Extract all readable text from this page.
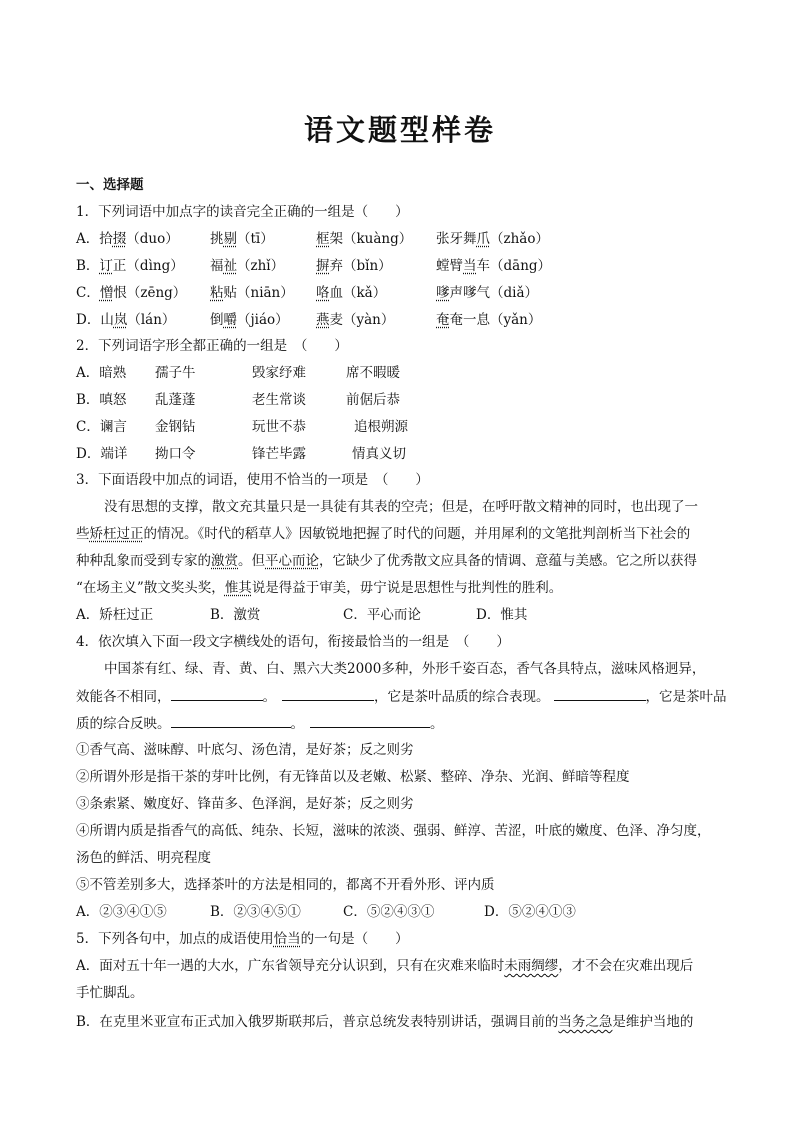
语文题型样卷
一、选择题
1．下列词语中加点字的读音完全正确的一组是（　　）
A．拾掇（duo） 挑剔（tī）	框架（kuàng） 张牙舞爪（zhǎo）
B．订正（dìng） 福祉（zhǐ） 摒弃（bǐn）	螳臂当车（dāng）
C．憎恨（zēng） 粘贴（niān） 咯血（kǎ）	嗲声嗲气（diǎ）
D．山岚（lán）	倒嚼（jiáo） 燕麦（yàn）	奄奄一息（yǎn）
2．下列词语字形全都正确的一组是　（　　）
A．暗熟 孺子牛	毁家纾难	席不暇暖
B．嗔怒 乱蓬蓬	老生常谈	前倨后恭
C．谰言 金钢钻	玩世不恭	追根朔源
D．端详 拗口令	锋芒毕露	情真义切
3．下面语段中加点的词语，使用不恰当的一项是　（　　）
没有思想的支撑，散文充其量只是一具徒有其表的空壳；但是，在呼吁散文精神的同时，也出现了一
些矫枉过正的情况。《时代的稻草人》因敏锐地把握了时代的问题，并用犀利的文笔批判剖析当下社会的
种种乱象而受到专家的激赏。但平心而论，它缺少了优秀散文应具备的情调、意蕴与美感。它之所以获得
“在场主义”散文奖头奖，惟其说是得益于审美，毋宁说是思想性与批判性的胜利。
A．矫枉过正	B．激赏	C．平心而论	D．惟其
4．依次填入下面一段文字横线处的语句，衔接最恰当的一组是　（　　）
中国茶有红、绿、青、黄、白、黑六大类2000多种，外形千姿百态，香气各具特点，滋味风格迥异，
效能各不相同，	。	，它是茶叶品质的综合表现。	，它是茶叶品
质的综合反映。	。	。
①香气高、滋味醇、叶底匀、汤色清，是好茶；反之则劣
②所谓外形是指干茶的芽叶比例，有无锋苗以及老嫩、松紧、整碎、净杂、光润、鲜暗等程度
③条索紧、嫩度好、锋苗多、色泽润，是好茶；反之则劣
④所谓内质是指香气的高低、纯杂、长短，滋味的浓淡、强弱、鲜淳、苦涩，叶底的嫩度、色泽、净匀度，
汤色的鲜活、明亮程度
⑤不管差别多大，选择茶叶的方法是相同的，都离不开看外形、评内质
A．②③④①⑤	B．②③④⑤①	C．⑤②④③①	D．⑤②④①③
5．下列各句中，加点的成语使用恰当的一句是（　　）
A．面对五十年一遇的大水，广东省领导充分认识到，只有在灾难来临时未雨绸缪，才不会在灾难出现后
手忙脚乱。
B．在克里米亚宣布正式加入俄罗斯联邦后，普京总统发表特别讲话，强调目前的当务之急是维护当地的
